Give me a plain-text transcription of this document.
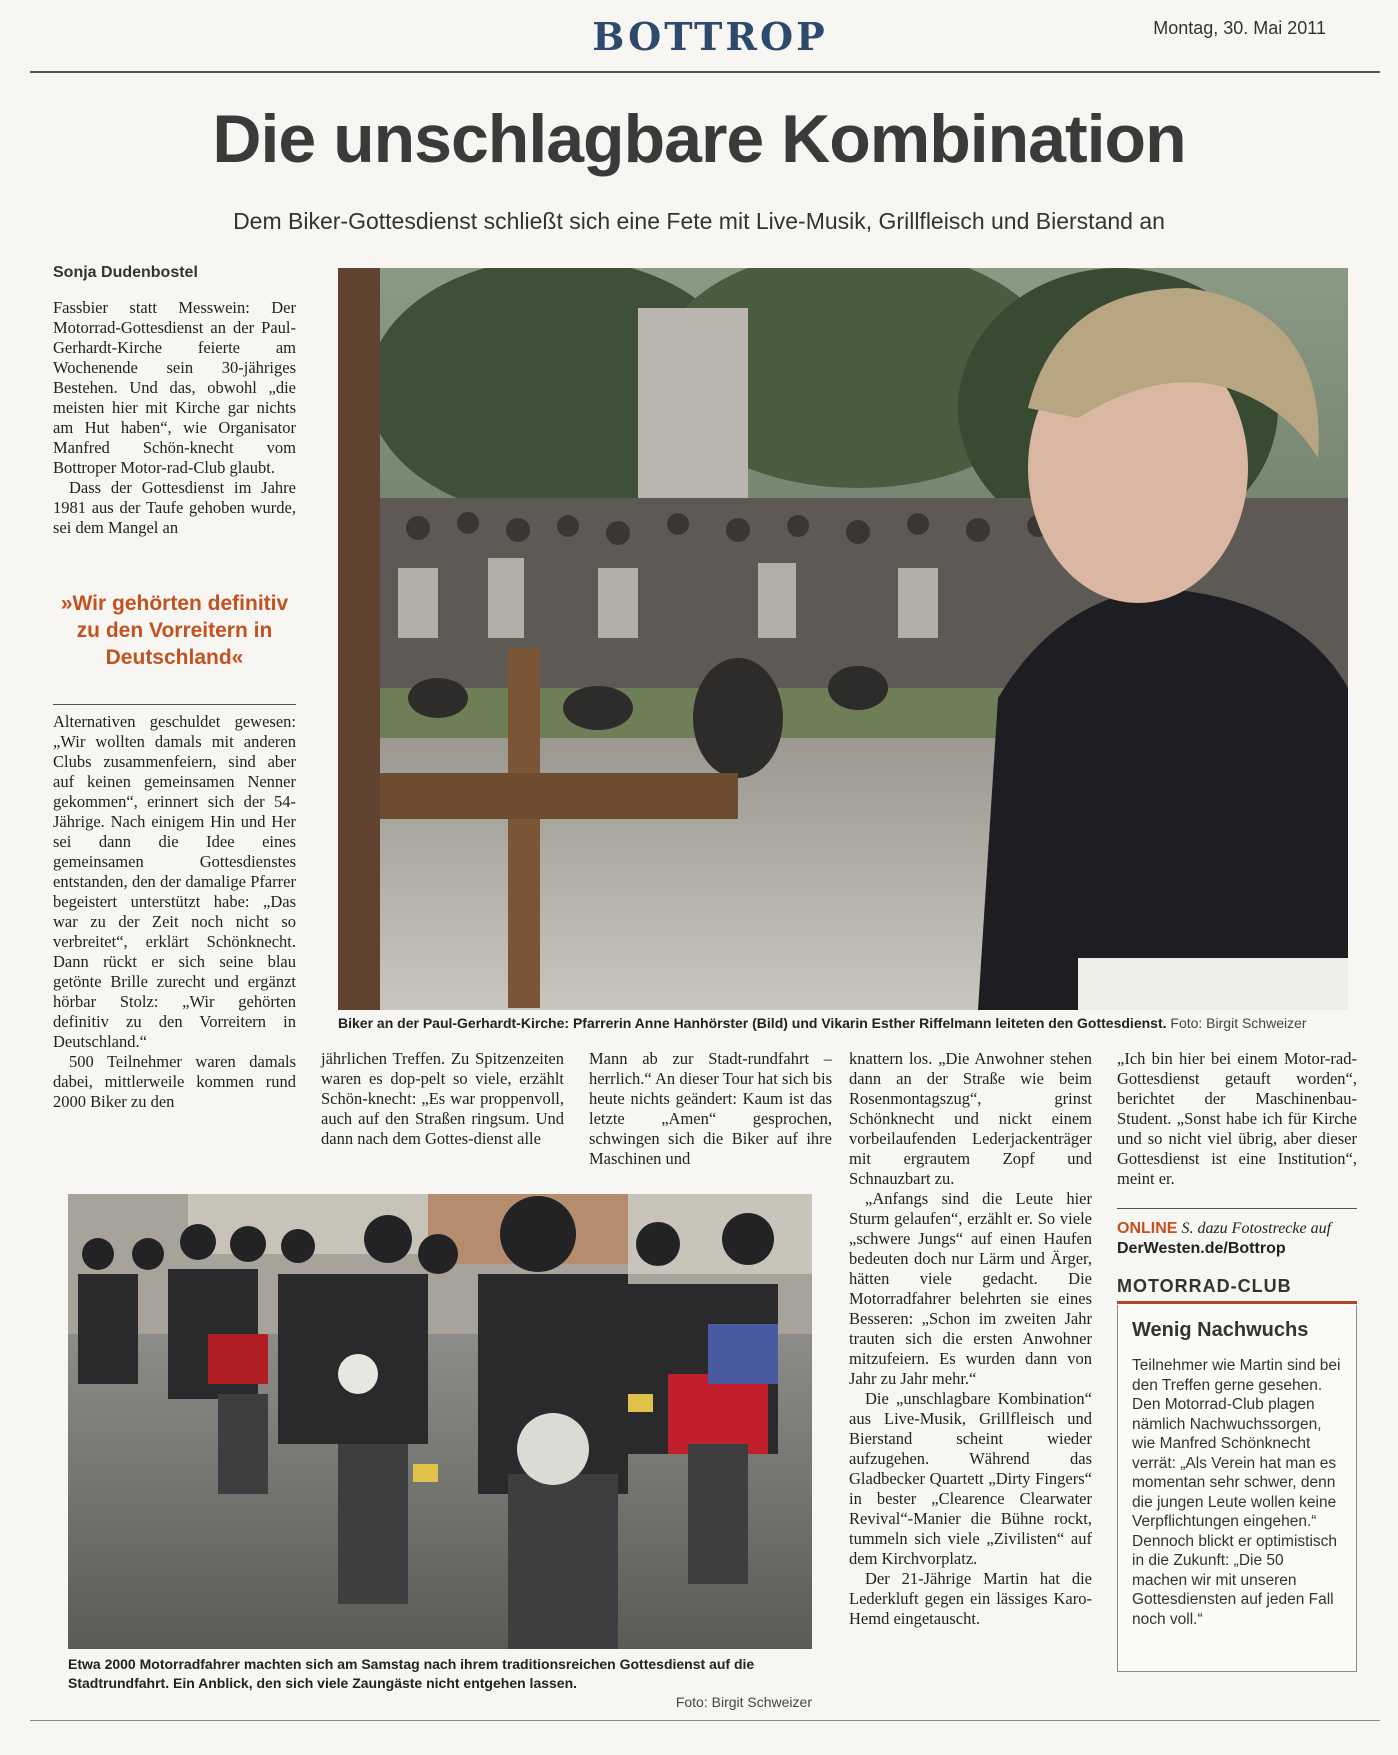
BOTTROP	Montag, 30. Mai 2011
Die unschlagbare Kombination
Dem Biker-Gottesdienst schließt sich eine Fete mit Live-Musik, Grillfleisch und Bierstand an
Sonja Dudenbostel

Fassbier statt Messwein: Der Motorrad-Gottesdienst an der Paul-Gerhardt-Kirche feierte am Wochenende sein 30-jähriges Bestehen. Und das, obwohl „die meisten hier mit Kirche gar nichts am Hut haben“, wie Organisator Manfred Schön-knecht vom Bottroper Motor-rad-Club glaubt.

Dass der Gottesdienst im Jahre 1981 aus der Taufe gehoben wurde, sei dem Mangel an

»Wir gehörten definitiv zu den Vorreitern in Deutschland«

Alternativen geschuldet gewesen: „Wir wollten damals mit anderen Clubs zusammenfeiern, sind aber auf keinen gemeinsamen Nenner gekommen“, erinnert sich der 54-Jährige. Nach einigem Hin und Her sei dann die Idee eines gemeinsamen Gottesdienstes entstanden, den der damalige Pfarrer begeistert unterstützt habe: „Das war zu der Zeit noch nicht so verbreitet“, erklärt Schönknecht. Dann rückt er sich seine blau getönte Brille zurecht und ergänzt hörbar Stolz: „Wir gehörten definitiv zu den Vorreitern in Deutschland.“

500 Teilnehmer waren damals dabei, mittlerweile kommen rund 2000 Biker zu den

Biker an der Paul-Gerhardt-Kirche: Pfarrerin Anne Hanhörster (Bild) und Vikarin Esther Riffelmann leiteten den Gottesdienst. Foto: Birgit Schweizer

jährlichen Treffen. Zu Spitzenzeiten waren es dop-pelt so viele, erzählt Schön-knecht: „Es war proppenvoll, auch auf den Straßen ringsum. Und dann nach dem Gottes-dienst alle

Mann ab zur Stadt-rundfahrt – herrlich.“ An dieser Tour hat sich bis heute nichts geändert: Kaum ist das letzte „Amen“ gesprochen, schwingen sich die Biker auf ihre Maschinen und

knattern los. „Die Anwohner stehen dann an der Straße wie beim Rosenmontagszug“, grinst Schönknecht und nickt einem vorbeilaufenden Lederjackenträger mit ergrautem Zopf und Schnauzbart zu.

„Anfangs sind die Leute hier Sturm gelaufen“, erzählt er. So viele „schwere Jungs“ auf einen Haufen bedeuten doch nur Lärm und Ärger, hätten viele gedacht. Die Motorradfahrer belehrten sie eines Besseren: „Schon im zweiten Jahr trauten sich die ersten Anwohner mitzufeiern. Es wurden dann von Jahr zu Jahr mehr.“

Die „unschlagbare Kombination“ aus Live-Musik, Grillfleisch und Bierstand scheint wieder aufzugehen. Während das Gladbecker Quartett „Dirty Fingers“ in bester „Clearence Clearwater Revival“-Manier die Bühne rockt, tummeln sich viele „Zivilisten“ auf dem Kirchvorplatz.

Der 21-Jährige Martin hat die Lederkluft gegen ein lässiges Karo-Hemd eingetauscht.

„Ich bin hier bei einem Motor-rad-Gottesdienst getauft worden“, berichtet der Maschinenbau-Student. „Sonst habe ich für Kirche und so nicht viel übrig, aber dieser Gottesdienst ist eine Institution“, meint er.

ONLINE S. dazu Fotostrecke auf DerWesten.de/Bottrop
MOTORRAD-CLUB
Wenig Nachwuchs
Teilnehmer wie Martin sind bei den Treffen gerne gesehen. Den Motorrad-Club plagen nämlich Nachwuchssorgen, wie Manfred Schönknecht verrät: „Als Verein hat man es momentan sehr schwer, denn die jungen Leute wollen keine Verpflichtungen eingehen.“ Dennoch blickt er optimistisch in die Zukunft: „Die 50 machen wir mit unseren Gottesdiensten auf jeden Fall noch voll.“
Etwa 2000 Motorradfahrer machten sich am Samstag nach ihrem traditionsreichen Gottesdienst auf die Stadtrundfahrt. Ein Anblick, den sich viele Zaungäste nicht entgehen lassen.
Foto: Birgit Schweizer
